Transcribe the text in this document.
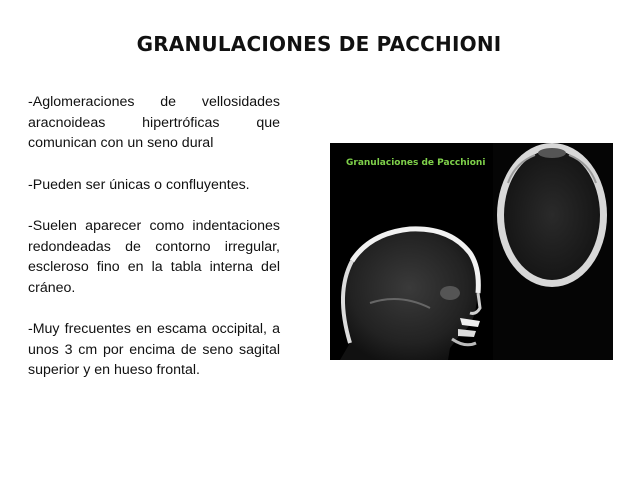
GRANULACIONES DE PACCHIONI

-Aglomeraciones de vellosidades aracnoideas hipertróficas que comunican con un seno dural

-Pueden ser únicas o confluyentes.

-Suelen aparecer como indentaciones redondeadas de contorno irregular, escleroso fino en la tabla interna del cráneo.

-Muy frecuentes en escama occipital, a unos 3 cm por encima de seno sagital superior y en hueso frontal.

Granulaciones de Pacchioni
